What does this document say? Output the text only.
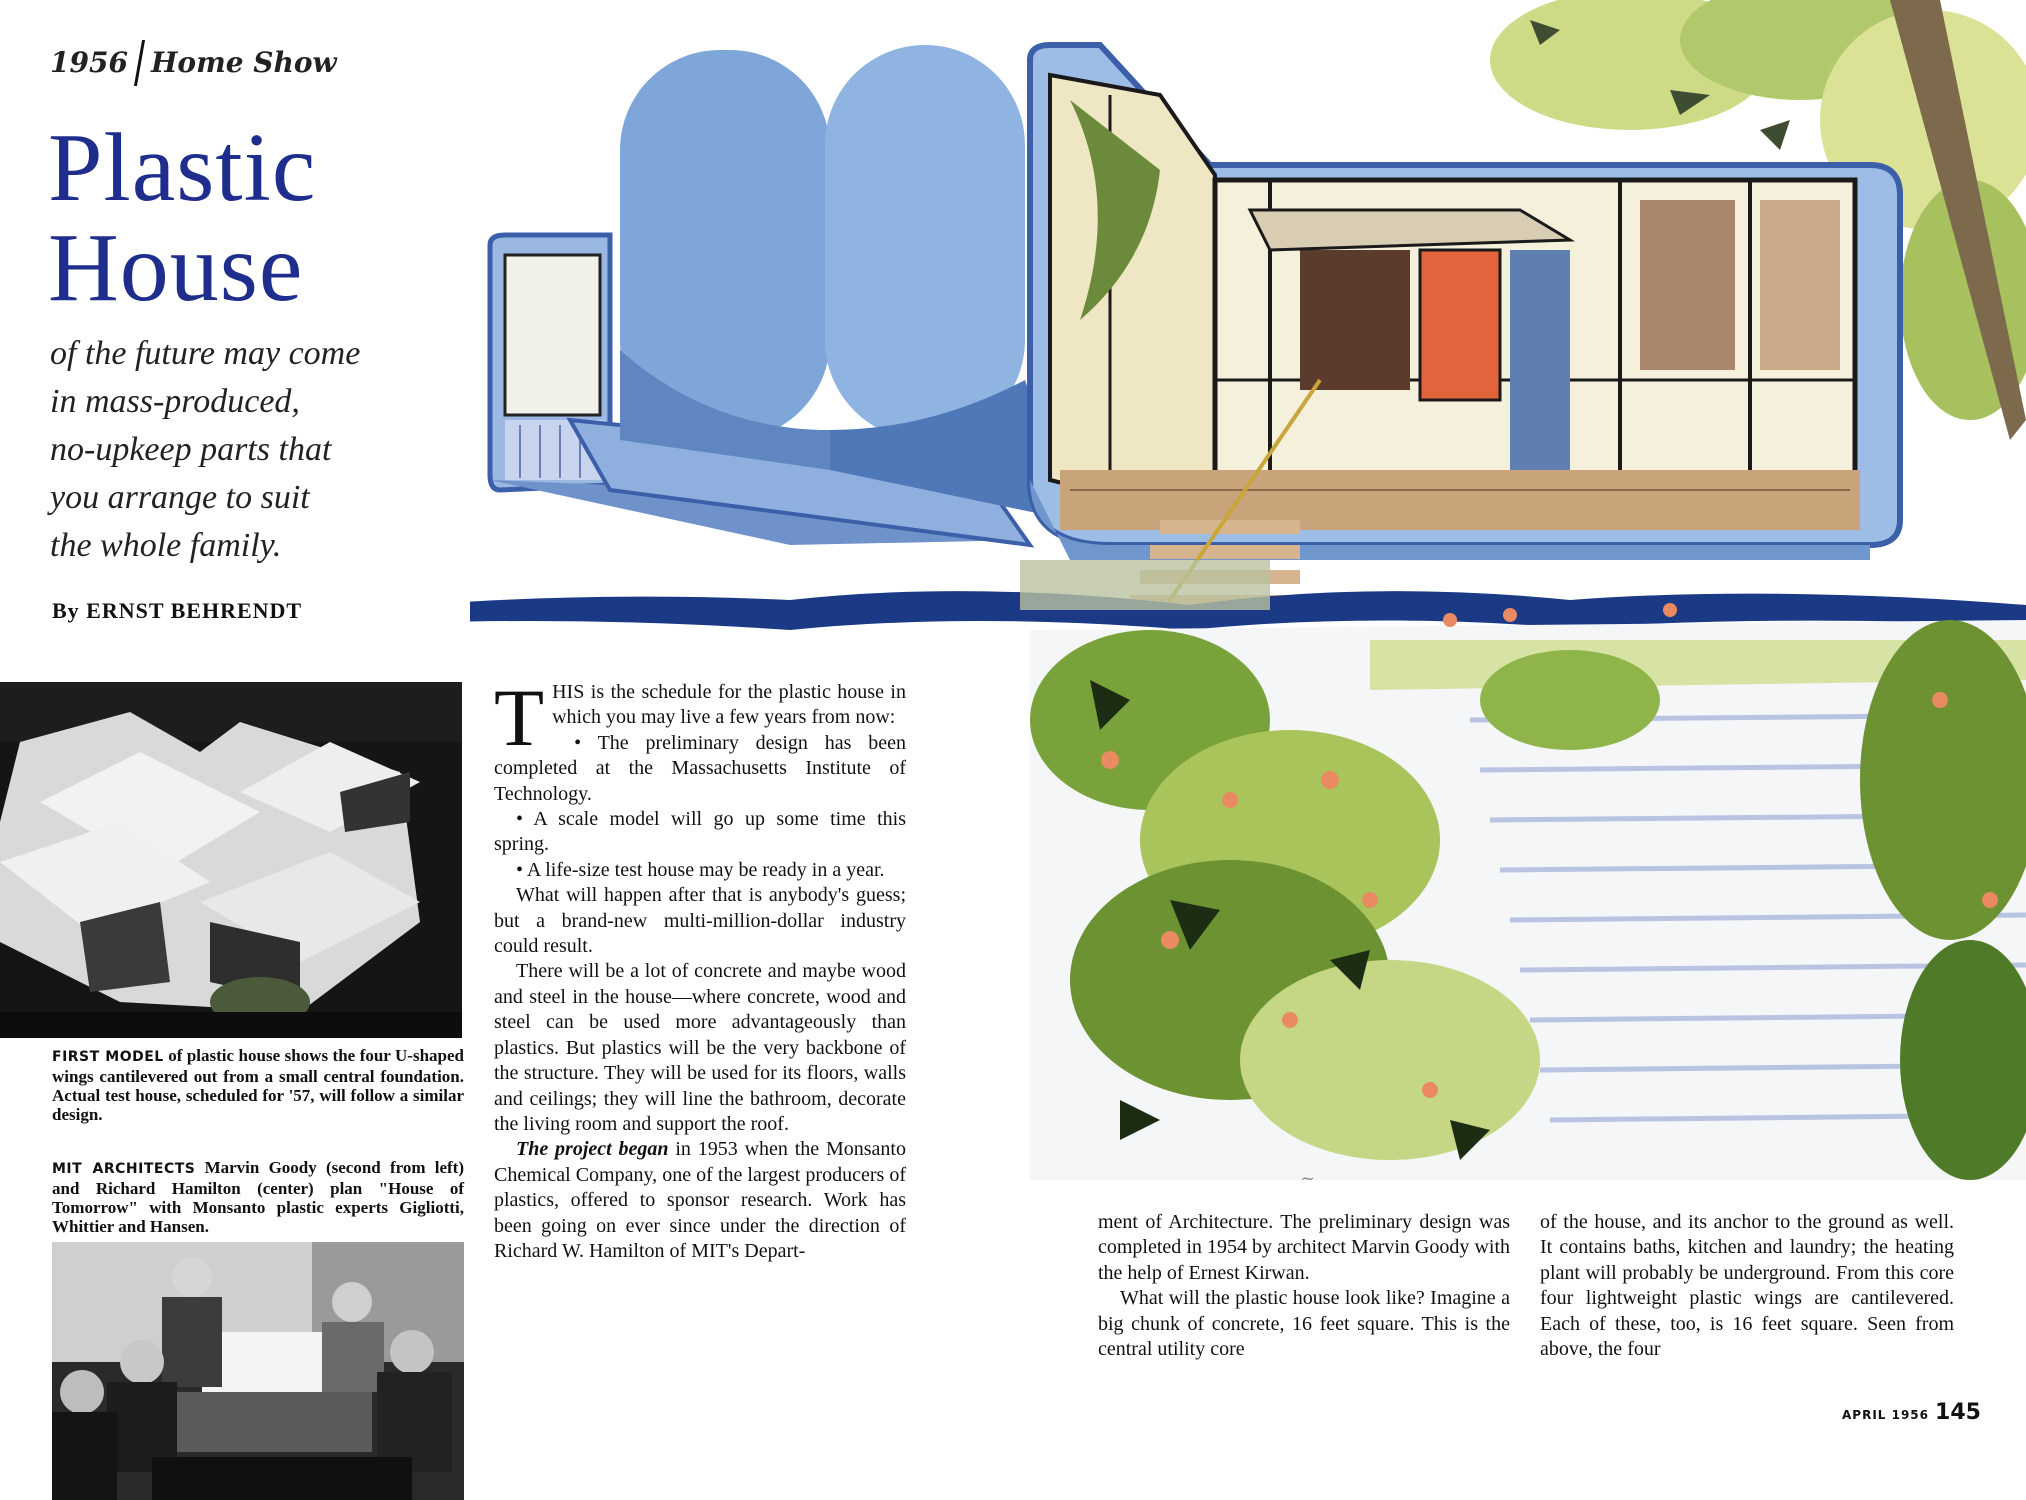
1956 Home Show
Plastic
House
of the future may come
in mass-produced,
no-upkeep parts that
you arrange to suit
the whole family.
By ERNST BEHRENDT
~
FIRST MODEL of plastic house shows the four U-shaped wings cantilevered out from a small central foundation. Actual test house, scheduled for '57, will follow a similar design.
MIT ARCHITECTS Marvin Goody (second from left) and Richard Hamilton (center) plan "House of Tomorrow" with Monsanto plastic experts Gigliotti, Whittier and Hansen.

THIS is the schedule for the plastic house in which you may live a few years from now:

• The preliminary design has been completed at the Massachusetts Institute of Technology.

• A scale model will go up some time this spring.

• A life-size test house may be ready in a year.

What will happen after that is anybody's guess; but a brand-new multi-million-dollar industry could result.

There will be a lot of concrete and maybe wood and steel in the house—where concrete, wood and steel can be used more advantageously than plastics. But plastics will be the very backbone of the structure. They will be used for its floors, walls and ceilings; they will line the bathroom, decorate the living room and support the roof.

The project began in 1953 when the Monsanto Chemical Company, one of the largest producers of plastics, offered to sponsor research. Work has been going on ever since under the direction of Richard W. Hamilton of MIT's Depart-

ment of Architecture. The preliminary design was completed in 1954 by architect Marvin Goody with the help of Ernest Kirwan.

What will the plastic house look like? Imagine a big chunk of concrete, 16 feet square. This is the central utility core

of the house, and its anchor to the ground as well. It contains baths, kitchen and laundry; the heating plant will probably be underground. From this core four lightweight plastic wings are cantilevered. Each of these, too, is 16 feet square. Seen from above, the four

APRIL 1956 145
